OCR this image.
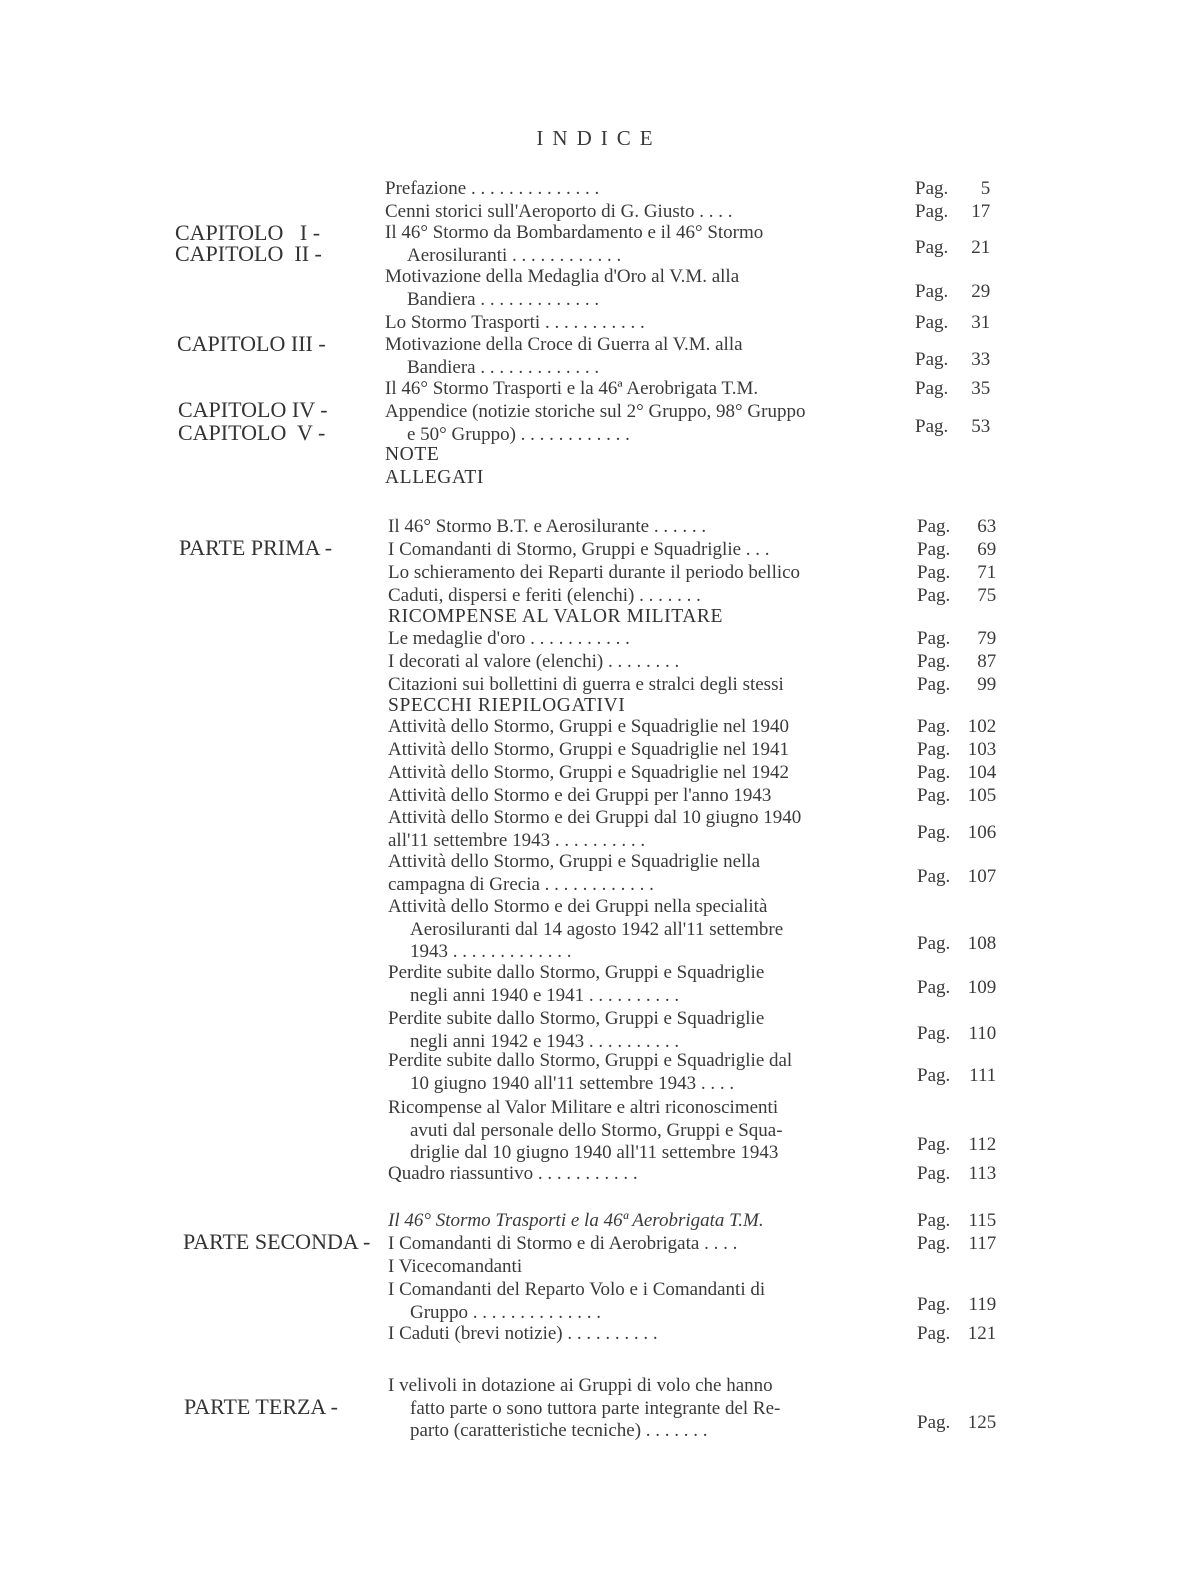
INDICE
Prefazione . . . . . . . . . . . . . .	Pag. 5
CAPITOLO   I -
Cenni storici sull'Aeroporto di G. Giusto . . . .	Pag. 17
CAPITOLO  II -
Il 46° Stormo da Bombardamento e il 46° Stormo
Aerosiluranti . . . . . . . . . . . .	Pag. 21
Motivazione della Medaglia d'Oro al V.M. alla
Bandiera . . . . . . . . . . . . .	Pag. 29
CAPITOLO III -
Lo Stormo Trasporti . . . . . . . . . . .	Pag. 31
Motivazione della Croce di Guerra al V.M. alla
Bandiera . . . . . . . . . . . . .	Pag. 33
CAPITOLO IV -
Il 46° Stormo Trasporti e la 46ª Aerobrigata T.M.	Pag. 35
CAPITOLO  V -
Appendice (notizie storiche sul 2° Gruppo, 98° Gruppo
e 50° Gruppo) . . . . . . . . . . . .	Pag. 53
NOTE
ALLEGATI
PARTE PRIMA -
Il 46° Stormo B.T. e Aerosilurante . . . . . .	Pag. 63
I Comandanti di Stormo, Gruppi e Squadriglie . . .	Pag. 69
Lo schieramento dei Reparti durante il periodo bellico	Pag. 71
Caduti, dispersi e feriti (elenchi) . . . . . . .	Pag. 75
RICOMPENSE AL VALOR MILITARE
Le medaglie d'oro . . . . . . . . . . .	Pag. 79
I decorati al valore (elenchi) . . . . . . . .	Pag. 87
Citazioni sui bollettini di guerra e stralci degli stessi	Pag. 99
SPECCHI RIEPILOGATIVI
Attività dello Stormo, Gruppi e Squadriglie nel 1940	Pag. 102
Attività dello Stormo, Gruppi e Squadriglie nel 1941	Pag. 103
Attività dello Stormo, Gruppi e Squadriglie nel 1942	Pag. 104
Attività dello Stormo e dei Gruppi per l'anno 1943	Pag. 105
Attività dello Stormo e dei Gruppi dal 10 giugno 1940
all'11 settembre 1943 . . . . . . . . . .	Pag. 106
Attività dello Stormo, Gruppi e Squadriglie nella
campagna di Grecia . . . . . . . . . . . .	Pag. 107
Attività dello Stormo e dei Gruppi nella specialità
Aerosiluranti dal 14 agosto 1942 all'11 settembre
1943 . . . . . . . . . . . . .	Pag. 108
Perdite subite dallo Stormo, Gruppi e Squadriglie
negli anni 1940 e 1941 . . . . . . . . . .	Pag. 109
Perdite subite dallo Stormo, Gruppi e Squadriglie
negli anni 1942 e 1943 . . . . . . . . . .	Pag. 110
Perdite subite dallo Stormo, Gruppi e Squadriglie dal
10 giugno 1940 all'11 settembre 1943 . . . .	Pag. 111
Ricompense al Valor Militare e altri riconoscimenti
avuti dal personale dello Stormo, Gruppi e Squa-
driglie dal 10 giugno 1940 all'11 settembre 1943	Pag. 112
Quadro riassuntivo . . . . . . . . . . .	Pag. 113
PARTE SECONDA -
Il 46° Stormo Trasporti e la 46ª Aerobrigata T.M.	Pag. 115
I Comandanti di Stormo e di Aerobrigata . . . .	Pag. 117
I Vicecomandanti
I Comandanti del Reparto Volo e i Comandanti di
Gruppo . . . . . . . . . . . . . .	Pag. 119
I Caduti (brevi notizie) . . . . . . . . . .	Pag. 121
PARTE TERZA -
I velivoli in dotazione ai Gruppi di volo che hanno
fatto parte o sono tuttora parte integrante del Re-
parto (caratteristiche tecniche) . . . . . . .	Pag. 125
